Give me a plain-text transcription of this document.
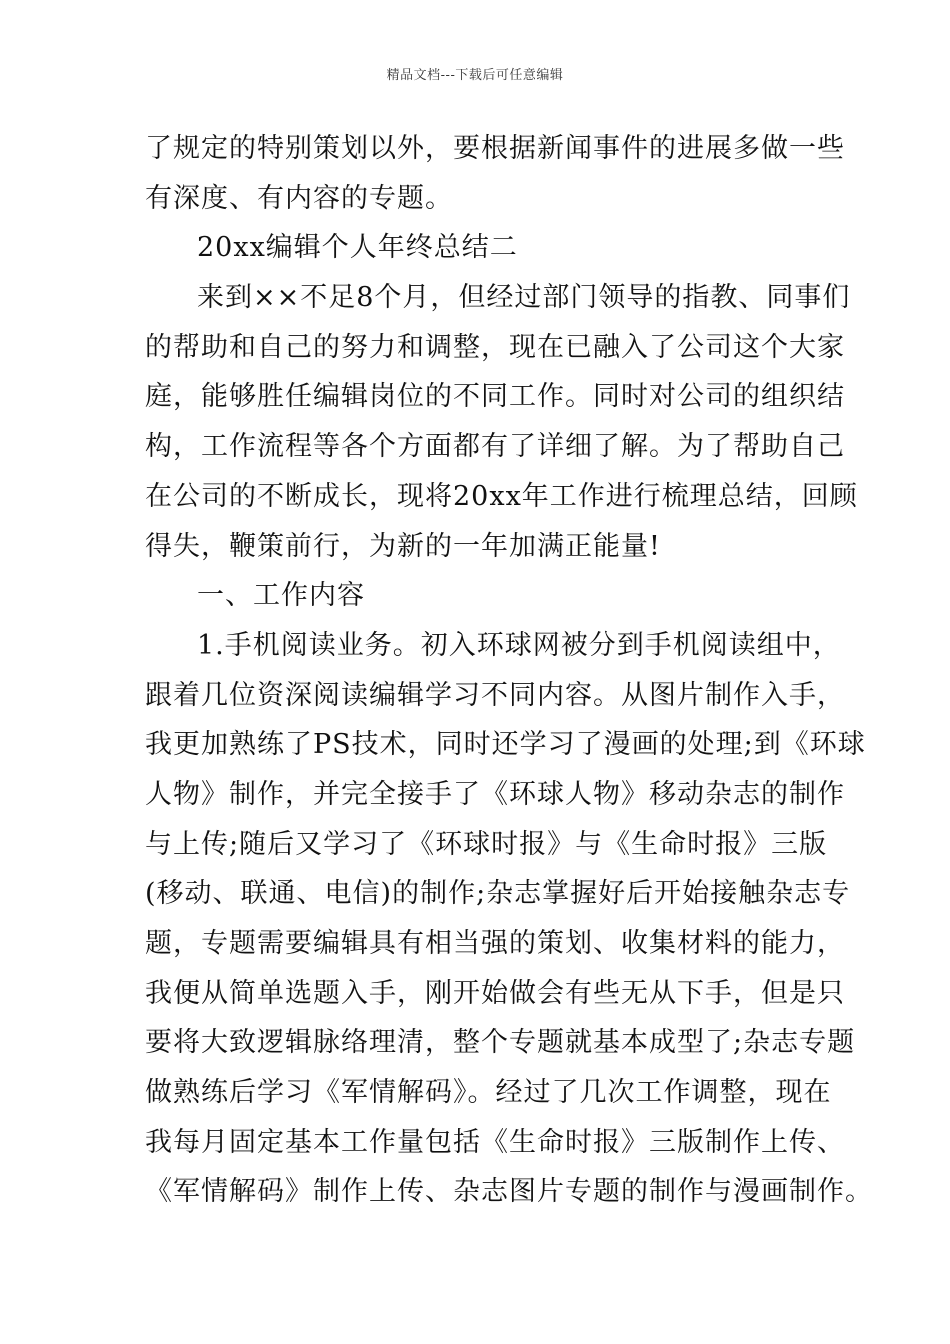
精品文档---下载后可任意编辑
了规定的特别策划以外，要根据新闻事件的进展多做一些
有深度、有内容的专题。
20xx编辑个人年终总结二
来到××不足8个月，但经过部门领导的指教、同事们
的帮助和自己的努力和调整，现在已融入了公司这个大家
庭，能够胜任编辑岗位的不同工作。同时对公司的组织结
构，工作流程等各个方面都有了详细了解。为了帮助自己
在公司的不断成长，现将20xx年工作进行梳理总结，回顾
得失，鞭策前行，为新的一年加满正能量!
一、工作内容
1.手机阅读业务。初入环球网被分到手机阅读组中，
跟着几位资深阅读编辑学习不同内容。从图片制作入手，
我更加熟练了PS技术，同时还学习了漫画的处理;到《环球
人物》制作，并完全接手了《环球人物》移动杂志的制作
与上传;随后又学习了《环球时报》与《生命时报》三版
(移动、联通、电信)的制作;杂志掌握好后开始接触杂志专
题，专题需要编辑具有相当强的策划、收集材料的能力，
我便从简单选题入手，刚开始做会有些无从下手，但是只
要将大致逻辑脉络理清，整个专题就基本成型了;杂志专题
做熟练后学习《军情解码》。经过了几次工作调整，现在
我每月固定基本工作量包括《生命时报》三版制作上传、
《军情解码》制作上传、杂志图片专题的制作与漫画制作。
